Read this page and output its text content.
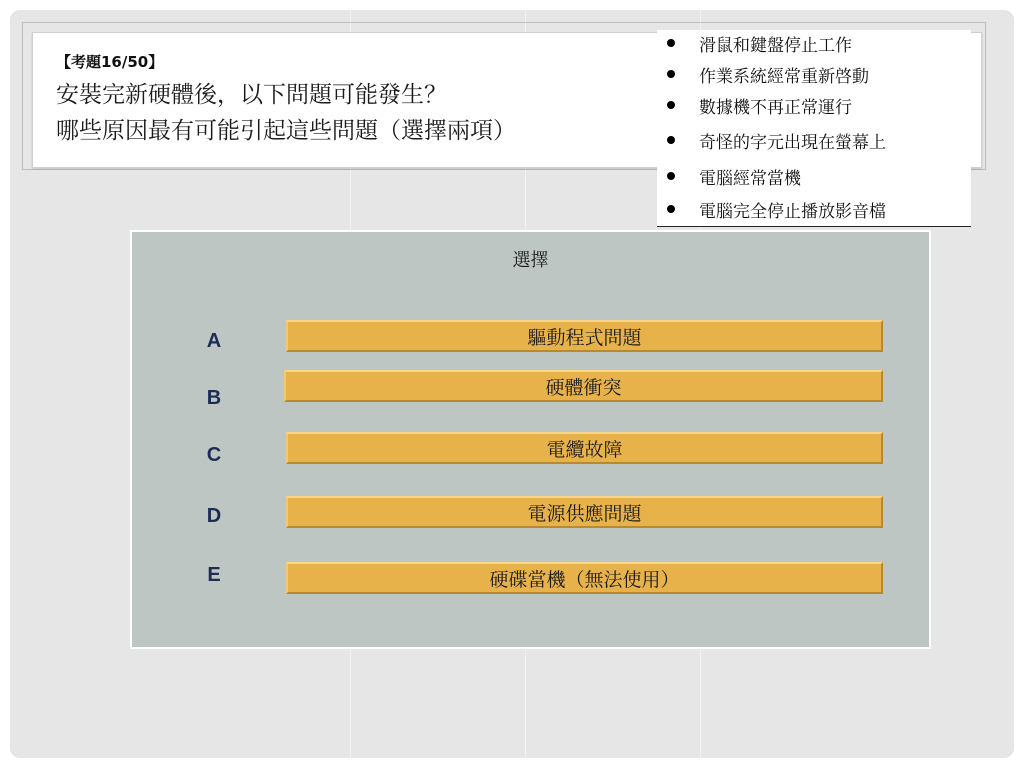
【考題16/50】
安裝完新硬體後，以下問題可能發生？
哪些原因最有可能引起這些問題（選擇兩項）
滑鼠和鍵盤停止工作
作業系統經常重新啓動
數據機不再正常運行
奇怪的字元出現在螢幕上
電腦經常當機
電腦完全停止播放影音檔
選擇
A	驅動程式問題
B	硬體衝突
C	電纜故障
D	電源供應問題
E	硬碟當機（無法使用）
